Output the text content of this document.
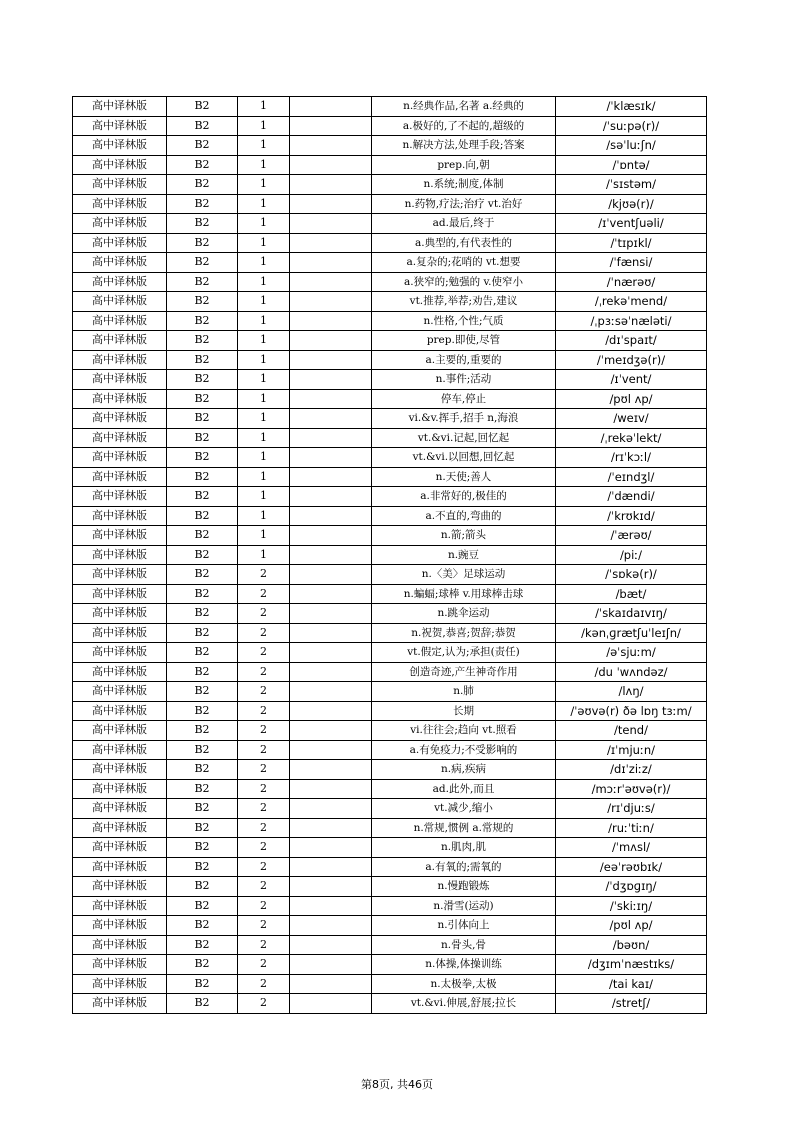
高中译林版	B2	1		n.经典作品,名著 a.经典的	/ˈklæsɪk/
高中译林版	B2	1		a.极好的,了不起的,超级的	/ˈsuːpə(r)/
高中译林版	B2	1		n.解决方法,处理手段;答案	/səˈluːʃn/
高中译林版	B2	1		prep.向,朝	/ˈɒntə/
高中译林版	B2	1		n.系统;制度,体制	/ˈsɪstəm/
高中译林版	B2	1		n.药物,疗法;治疗 vt.治好	/kjʊə(r)/
高中译林版	B2	1		ad.最后,终于	/ɪˈventʃuəli/
高中译林版	B2	1		a.典型的,有代表性的	/ˈtɪpɪkl/
高中译林版	B2	1		a.复杂的;花哨的 vt.想要	/ˈfænsi/
高中译林版	B2	1		a.狭窄的;勉强的 v.使窄小	/ˈnærəʊ/
高中译林版	B2	1		vt.推荐,举荐;劝告,建议	/ˌrekəˈmend/
高中译林版	B2	1		n.性格,个性;气质	/ˌpɜːsəˈnæləti/
高中译林版	B2	1		prep.即使,尽管	/dɪˈspaɪt/
高中译林版	B2	1		a.主要的,重要的	/ˈmeɪdʒə(r)/
高中译林版	B2	1		n.事件;活动	/ɪˈvent/
高中译林版	B2	1		停车,停止	/pʊl ʌp/
高中译林版	B2	1		vi.&v.挥手,招手 n,海浪	/weɪv/
高中译林版	B2	1		vt.&vi.记起,回忆起	/ˌrekəˈlekt/
高中译林版	B2	1		vt.&vi.以回想,回忆起	/rɪˈkɔːl/
高中译林版	B2	1		n.天使;善人	/ˈeɪndʒl/
高中译林版	B2	1		a.非常好的,极佳的	/ˈdændi/
高中译林版	B2	1		a.不直的,弯曲的	/ˈkrʊkɪd/
高中译林版	B2	1		n.箭;箭头	/ˈærəʊ/
高中译林版	B2	1		n.豌豆	/piː/
高中译林版	B2	2		n.〈美〉足球运动	/ˈsɒkə(r)/
高中译林版	B2	2		n.蝙蝠;球棒 v.用球棒击球	/bæt/
高中译林版	B2	2		n.跳伞运动	/ˈskaɪdaɪvɪŋ/
高中译林版	B2	2		n.祝贺,恭喜;贺辞;恭贺	/kənˌɡrætʃuˈleɪʃn/
高中译林版	B2	2		vt.假定,认为;承担(责任)	/əˈsjuːm/
高中译林版	B2	2		创造奇迹,产生神奇作用	/du ˈwʌndəz/
高中译林版	B2	2		n.肺	/lʌŋ/
高中译林版	B2	2		长期	/ˈəʊvə(r) ðə lɒŋ tɜːm/
高中译林版	B2	2		vi.往往会;趋向 vt.照看	/tend/
高中译林版	B2	2		a.有免疫力;不受影响的	/ɪˈmjuːn/
高中译林版	B2	2		n.病,疾病	/dɪˈziːz/
高中译林版	B2	2		ad.此外,而且	/mɔːrˈəʊvə(r)/
高中译林版	B2	2		vt.减少,缩小	/rɪˈdjuːs/
高中译林版	B2	2		n.常规,惯例 a.常规的	/ruːˈtiːn/
高中译林版	B2	2		n.肌肉,肌	/ˈmʌsl/
高中译林版	B2	2		a.有氧的;需氧的	/eəˈrəʊbɪk/
高中译林版	B2	2		n.慢跑锻炼	/ˈdʒɒɡɪŋ/
高中译林版	B2	2		n.滑雪(运动)	/ˈskiːɪŋ/
高中译林版	B2	2		n.引体向上	/pʊl ʌp/
高中译林版	B2	2		n.骨头,骨	/bəʊn/
高中译林版	B2	2		n.体操,体操训练	/dʒɪmˈnæstɪks/
高中译林版	B2	2		n.太极拳,太极	/tai kaɪ/
高中译林版	B2	2		vt.&vi.伸展,舒展;拉长	/stretʃ/
第8页, 共46页
